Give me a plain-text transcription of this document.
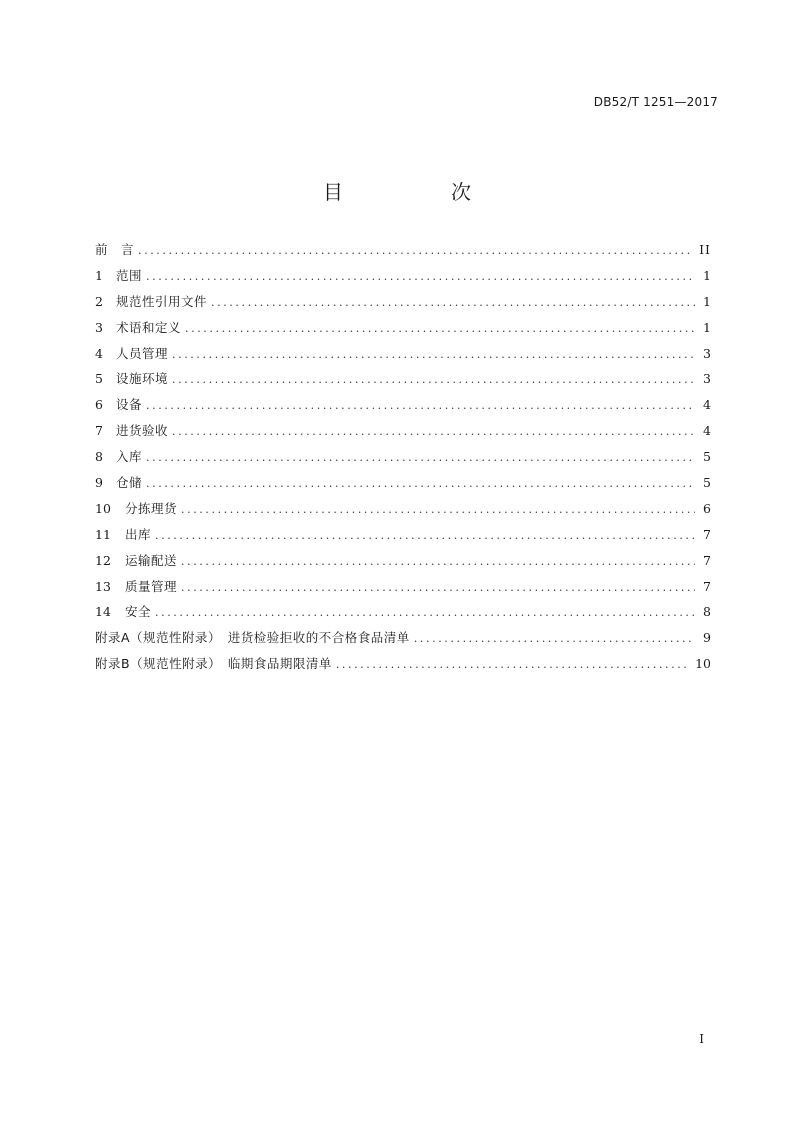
DB52/T 1251—2017
目　次
前　言 .....	II
1	范围 .....	1
2	规范性引用文件 .....	1
3	术语和定义 .....	1
4	人员管理 .....	3
5	设施环境 .....	3
6	设备 .....	4
7	进货验收 .....	4
8	入库 .....	5
9	仓储 .....	5
10	分拣理货 .....	6
11	出库 .....	7
12	运输配送 .....	7
13	质量管理 .....	7
14	安全 .....	8
附录A（规范性附录）　进货检验拒收的不合格食品清单 .....	9
附录B（规范性附录）　临期食品期限清单 .....	10
I
